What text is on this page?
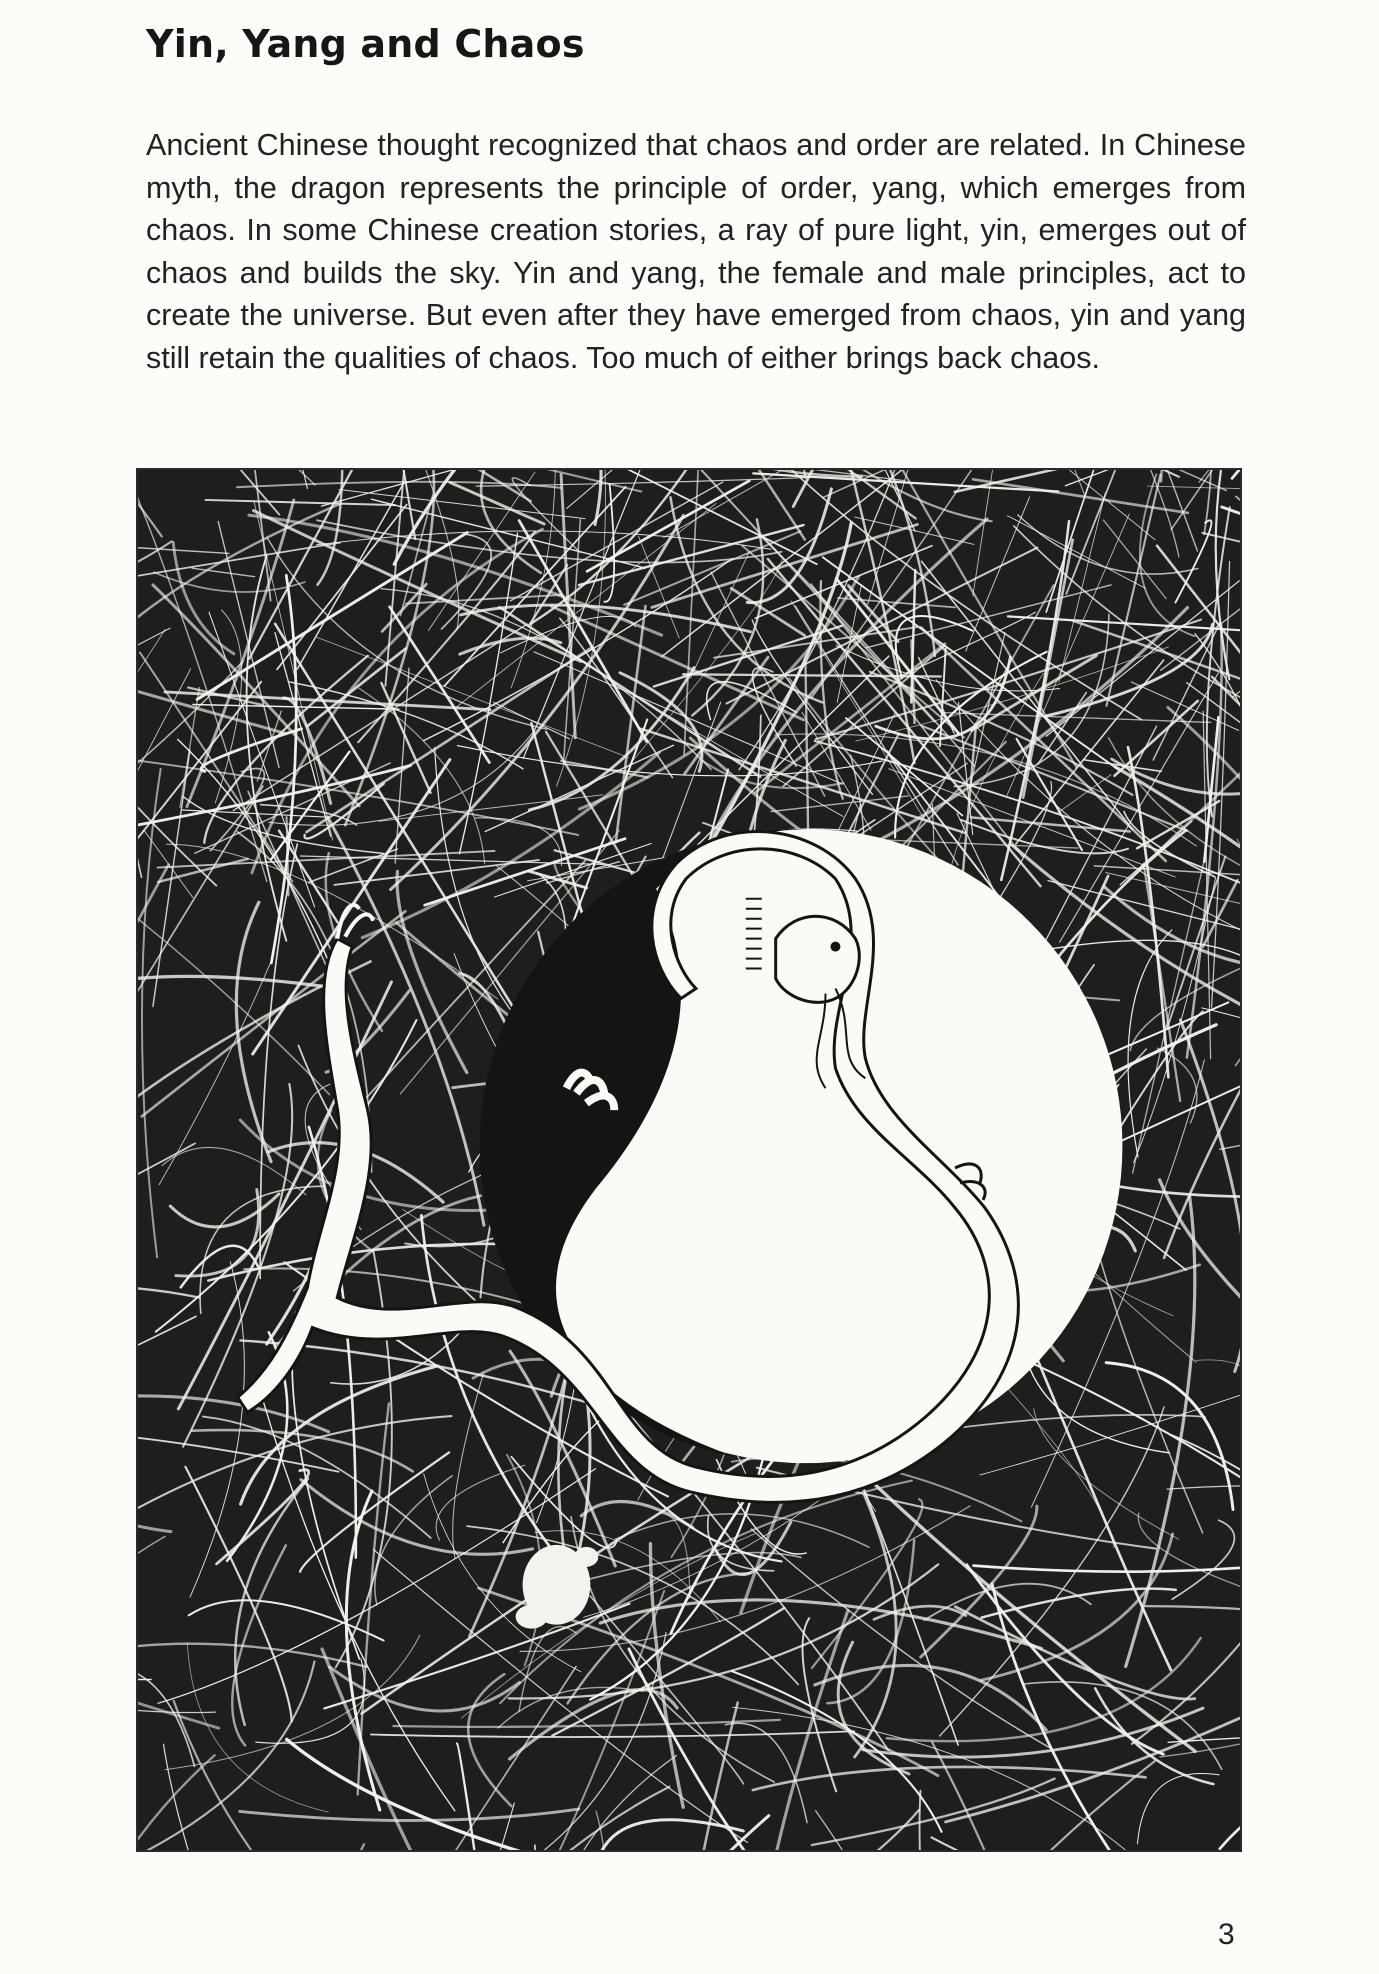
Yin, Yang and Chaos

Ancient Chinese thought recognized that chaos and order are related. In Chinese myth, the dragon represents the principle of order, yang, which emerges from chaos. In some Chinese creation stories, a ray of pure light, yin, emerges out of chaos and builds the sky. Yin and yang, the female and male principles, act to create the universe. But even after they have emerged from chaos, yin and yang still retain the qualities of chaos. Too much of either brings back chaos.

3
